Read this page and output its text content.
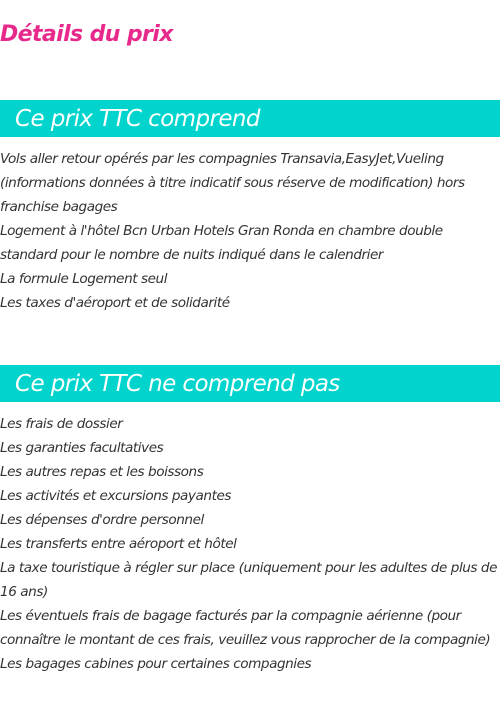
Détails du prix
Ce prix TTC comprend
Vols aller retour opérés par les compagnies Transavia,EasyJet,Vueling (informations données à titre indicatif sous réserve de modification) hors franchise bagages
Logement à l'hôtel Bcn Urban Hotels Gran Ronda en chambre double standard pour le nombre de nuits indiqué dans le calendrier
La formule Logement seul
Les taxes d'aéroport et de solidarité
Ce prix TTC ne comprend pas
Les frais de dossier
Les garanties facultatives
Les autres repas et les boissons
Les activités et excursions payantes
Les dépenses d'ordre personnel
Les transferts entre aéroport et hôtel
La taxe touristique à régler sur place (uniquement pour les adultes de plus de 16 ans)
Les éventuels frais de bagage facturés par la compagnie aérienne (pour connaître le montant de ces frais, veuillez vous rapprocher de la compagnie)
Les bagages cabines pour certaines compagnies
